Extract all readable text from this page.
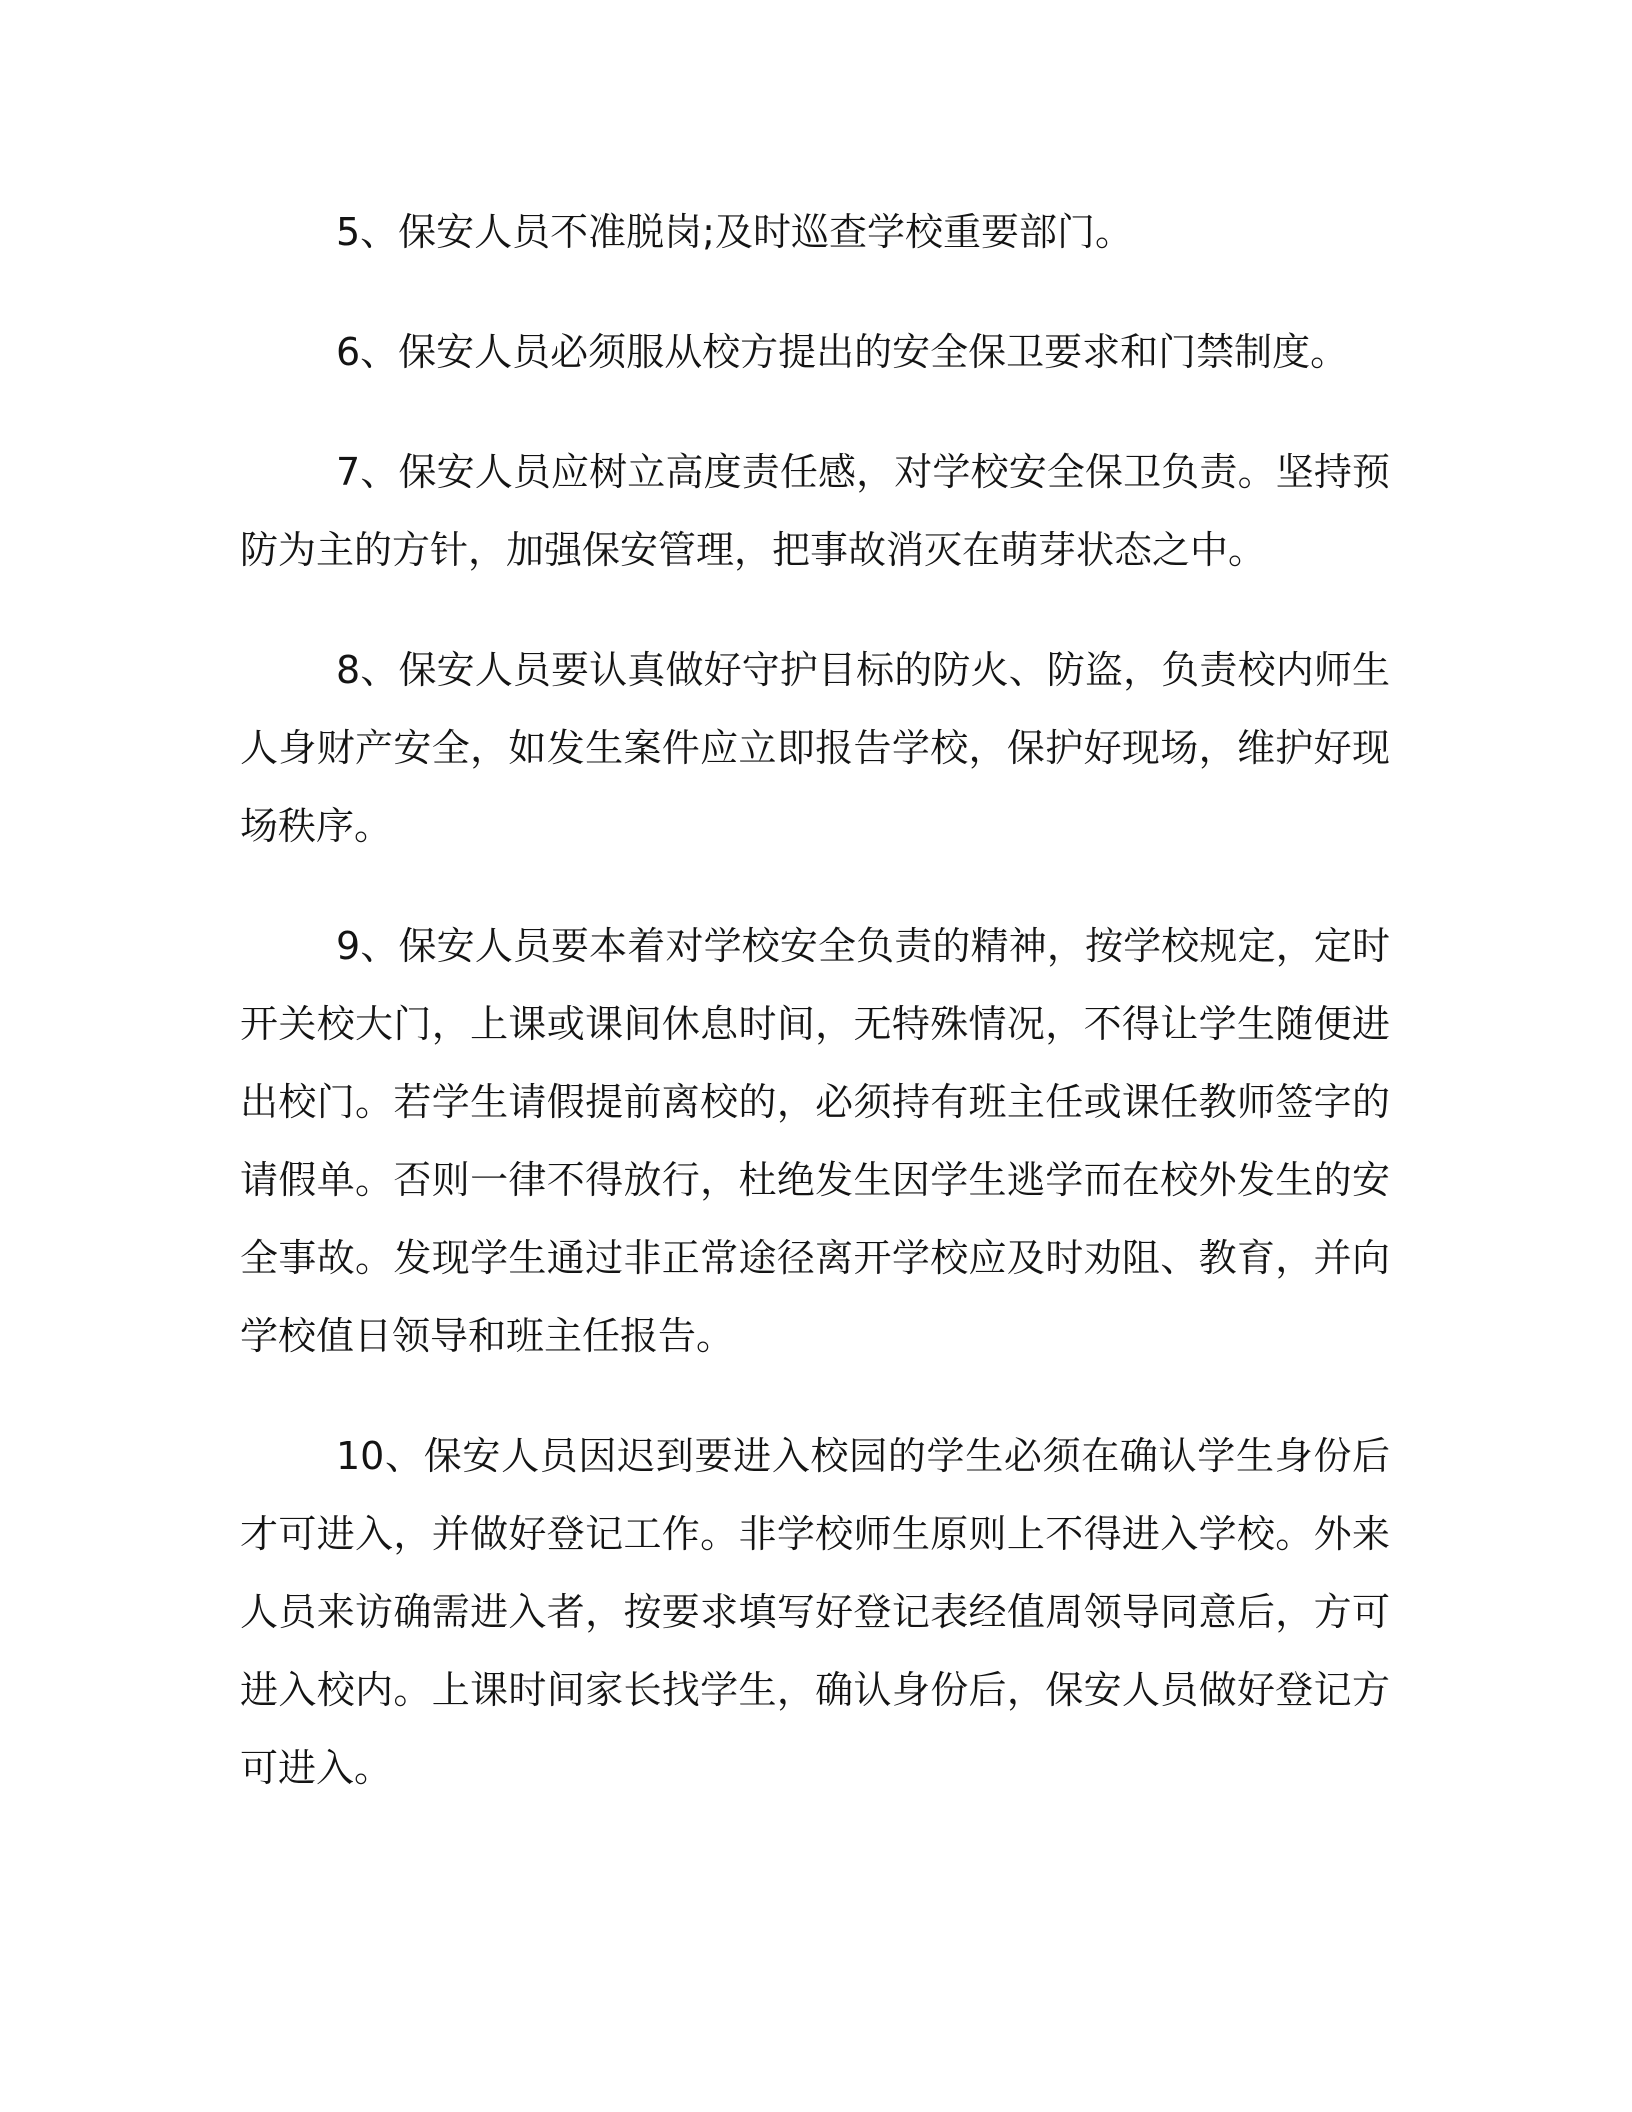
5、保安人员不准脱岗;及时巡查学校重要部门。

6、保安人员必须服从校方提出的安全保卫要求和门禁制度。

7、保安人员应树立高度责任感，对学校安全保卫负责。坚持预防为主的方针，加强保安管理，把事故消灭在萌芽状态之中。

8、保安人员要认真做好守护目标的防火、防盗，负责校内师生人身财产安全，如发生案件应立即报告学校，保护好现场，维护好现场秩序。

9、保安人员要本着对学校安全负责的精神，按学校规定，定时开关校大门，上课或课间休息时间，无特殊情况，不得让学生随便进出校门。若学生请假提前离校的，必须持有班主任或课任教师签字的请假单。否则一律不得放行，杜绝发生因学生逃学而在校外发生的安全事故。发现学生通过非正常途径离开学校应及时劝阻、教育，并向学校值日领导和班主任报告。

10、保安人员因迟到要进入校园的学生必须在确认学生身份后才可进入，并做好登记工作。非学校师生原则上不得进入学校。外来人员来访确需进入者，按要求填写好登记表经值周领导同意后，方可进入校内。上课时间家长找学生，确认身份后，保安人员做好登记方可进入。
